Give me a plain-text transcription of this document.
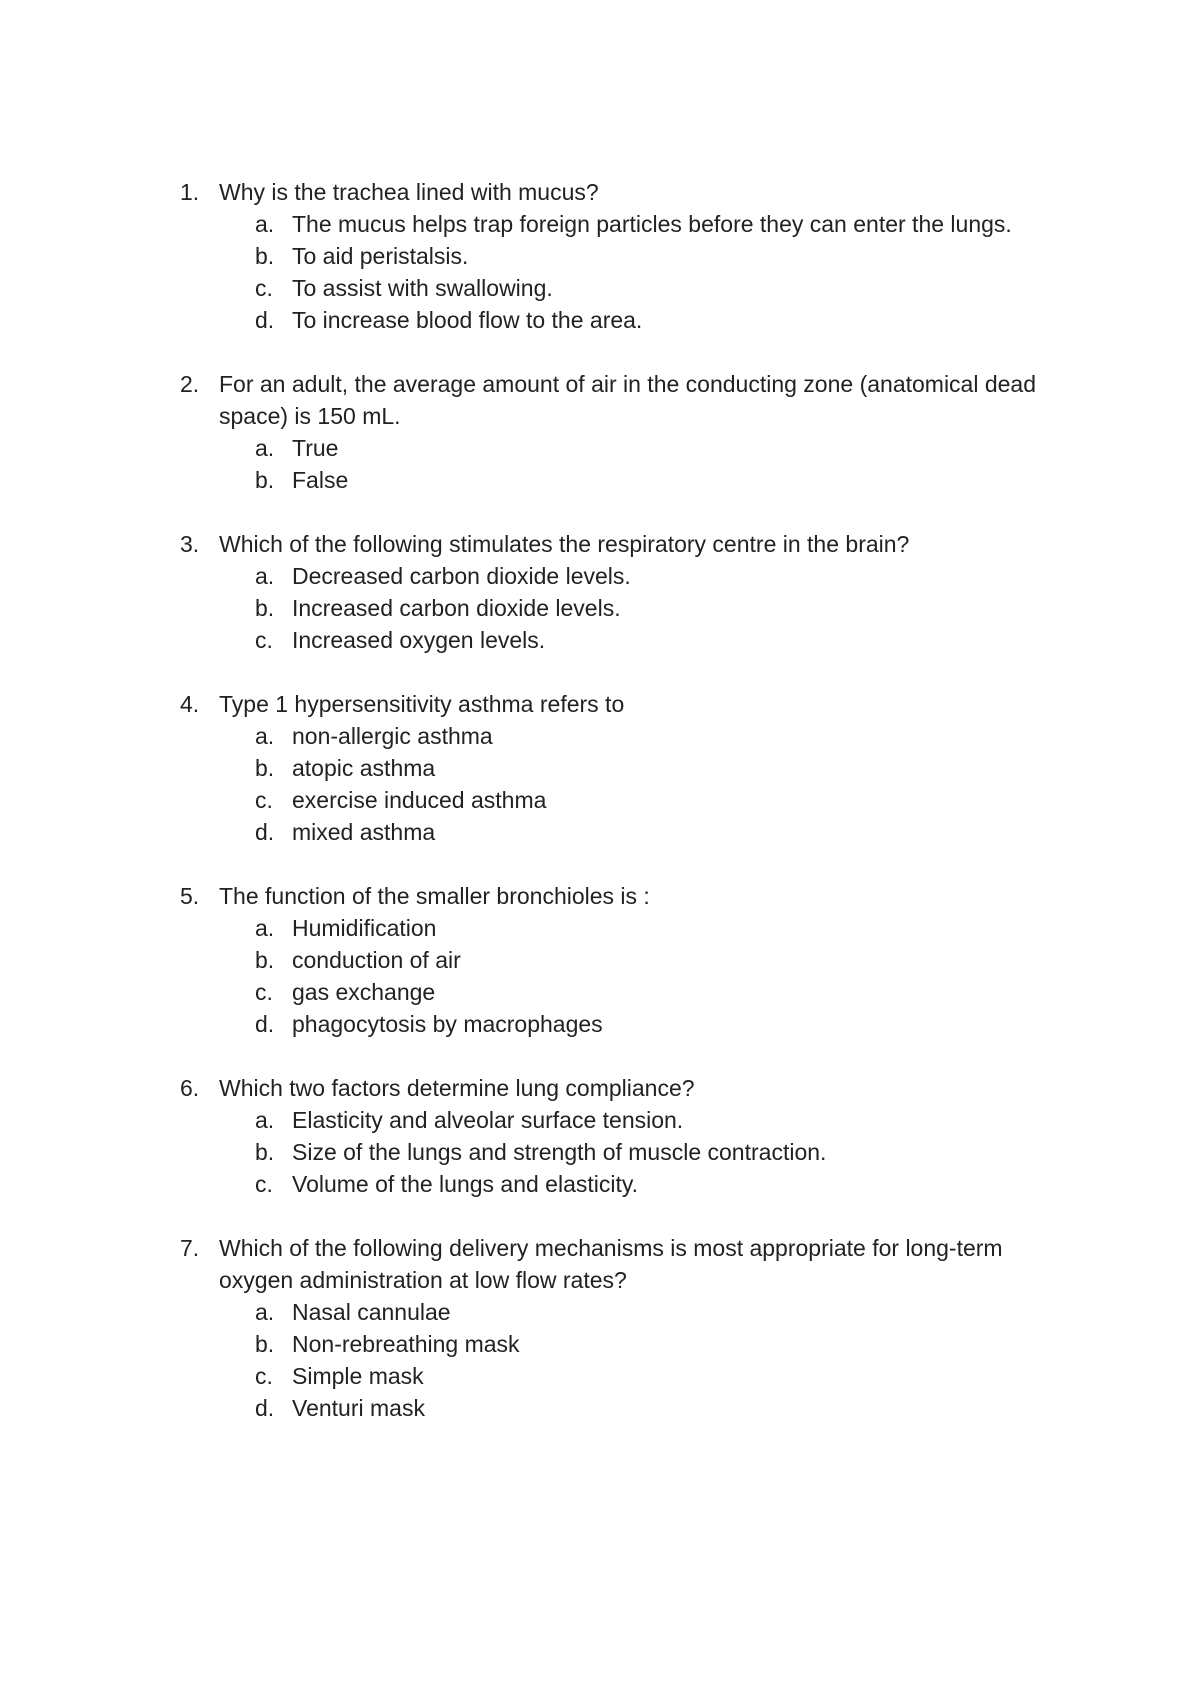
1. Why is the trachea lined with mucus?
a. The mucus helps trap foreign particles before they can enter the lungs.
b. To aid peristalsis.
c. To assist with swallowing.
d. To increase blood flow to the area.
2. For an adult, the average amount of air in the conducting zone (anatomical dead space) is 150 mL.
a. True
b. False
3. Which of the following stimulates the respiratory centre in the brain?
a. Decreased carbon dioxide levels.
b. Increased carbon dioxide levels.
c. Increased oxygen levels.
4. Type 1 hypersensitivity asthma refers to
a. non-allergic asthma
b. atopic asthma
c. exercise induced asthma
d. mixed asthma
5. The function of the smaller bronchioles is :
a. Humidification
b. conduction of air
c. gas exchange
d. phagocytosis by macrophages
6. Which two factors determine lung compliance?
a. Elasticity and alveolar surface tension.
b. Size of the lungs and strength of muscle contraction.
c. Volume of the lungs and elasticity.
7. Which of the following delivery mechanisms is most appropriate for long-term oxygen administration at low flow rates?
a. Nasal cannulae
b. Non-rebreathing mask
c. Simple mask
d. Venturi mask
